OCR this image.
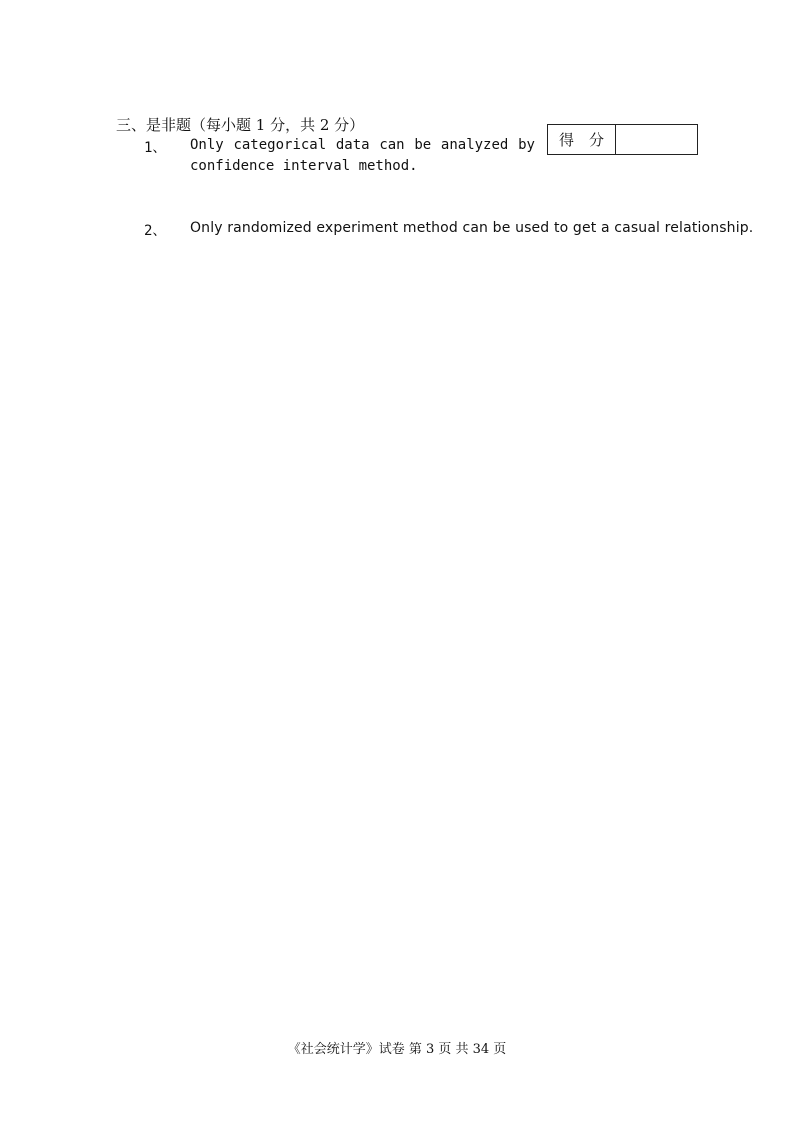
三、是非题（每小题 1 分，共 2 分）
得　分
1、 Only categorical data can be analyzed by
confidence interval method.
2、 Only randomized experiment method can be used to get a casual relationship.
《社会统计学》试卷 第 3 页 共 34 页
